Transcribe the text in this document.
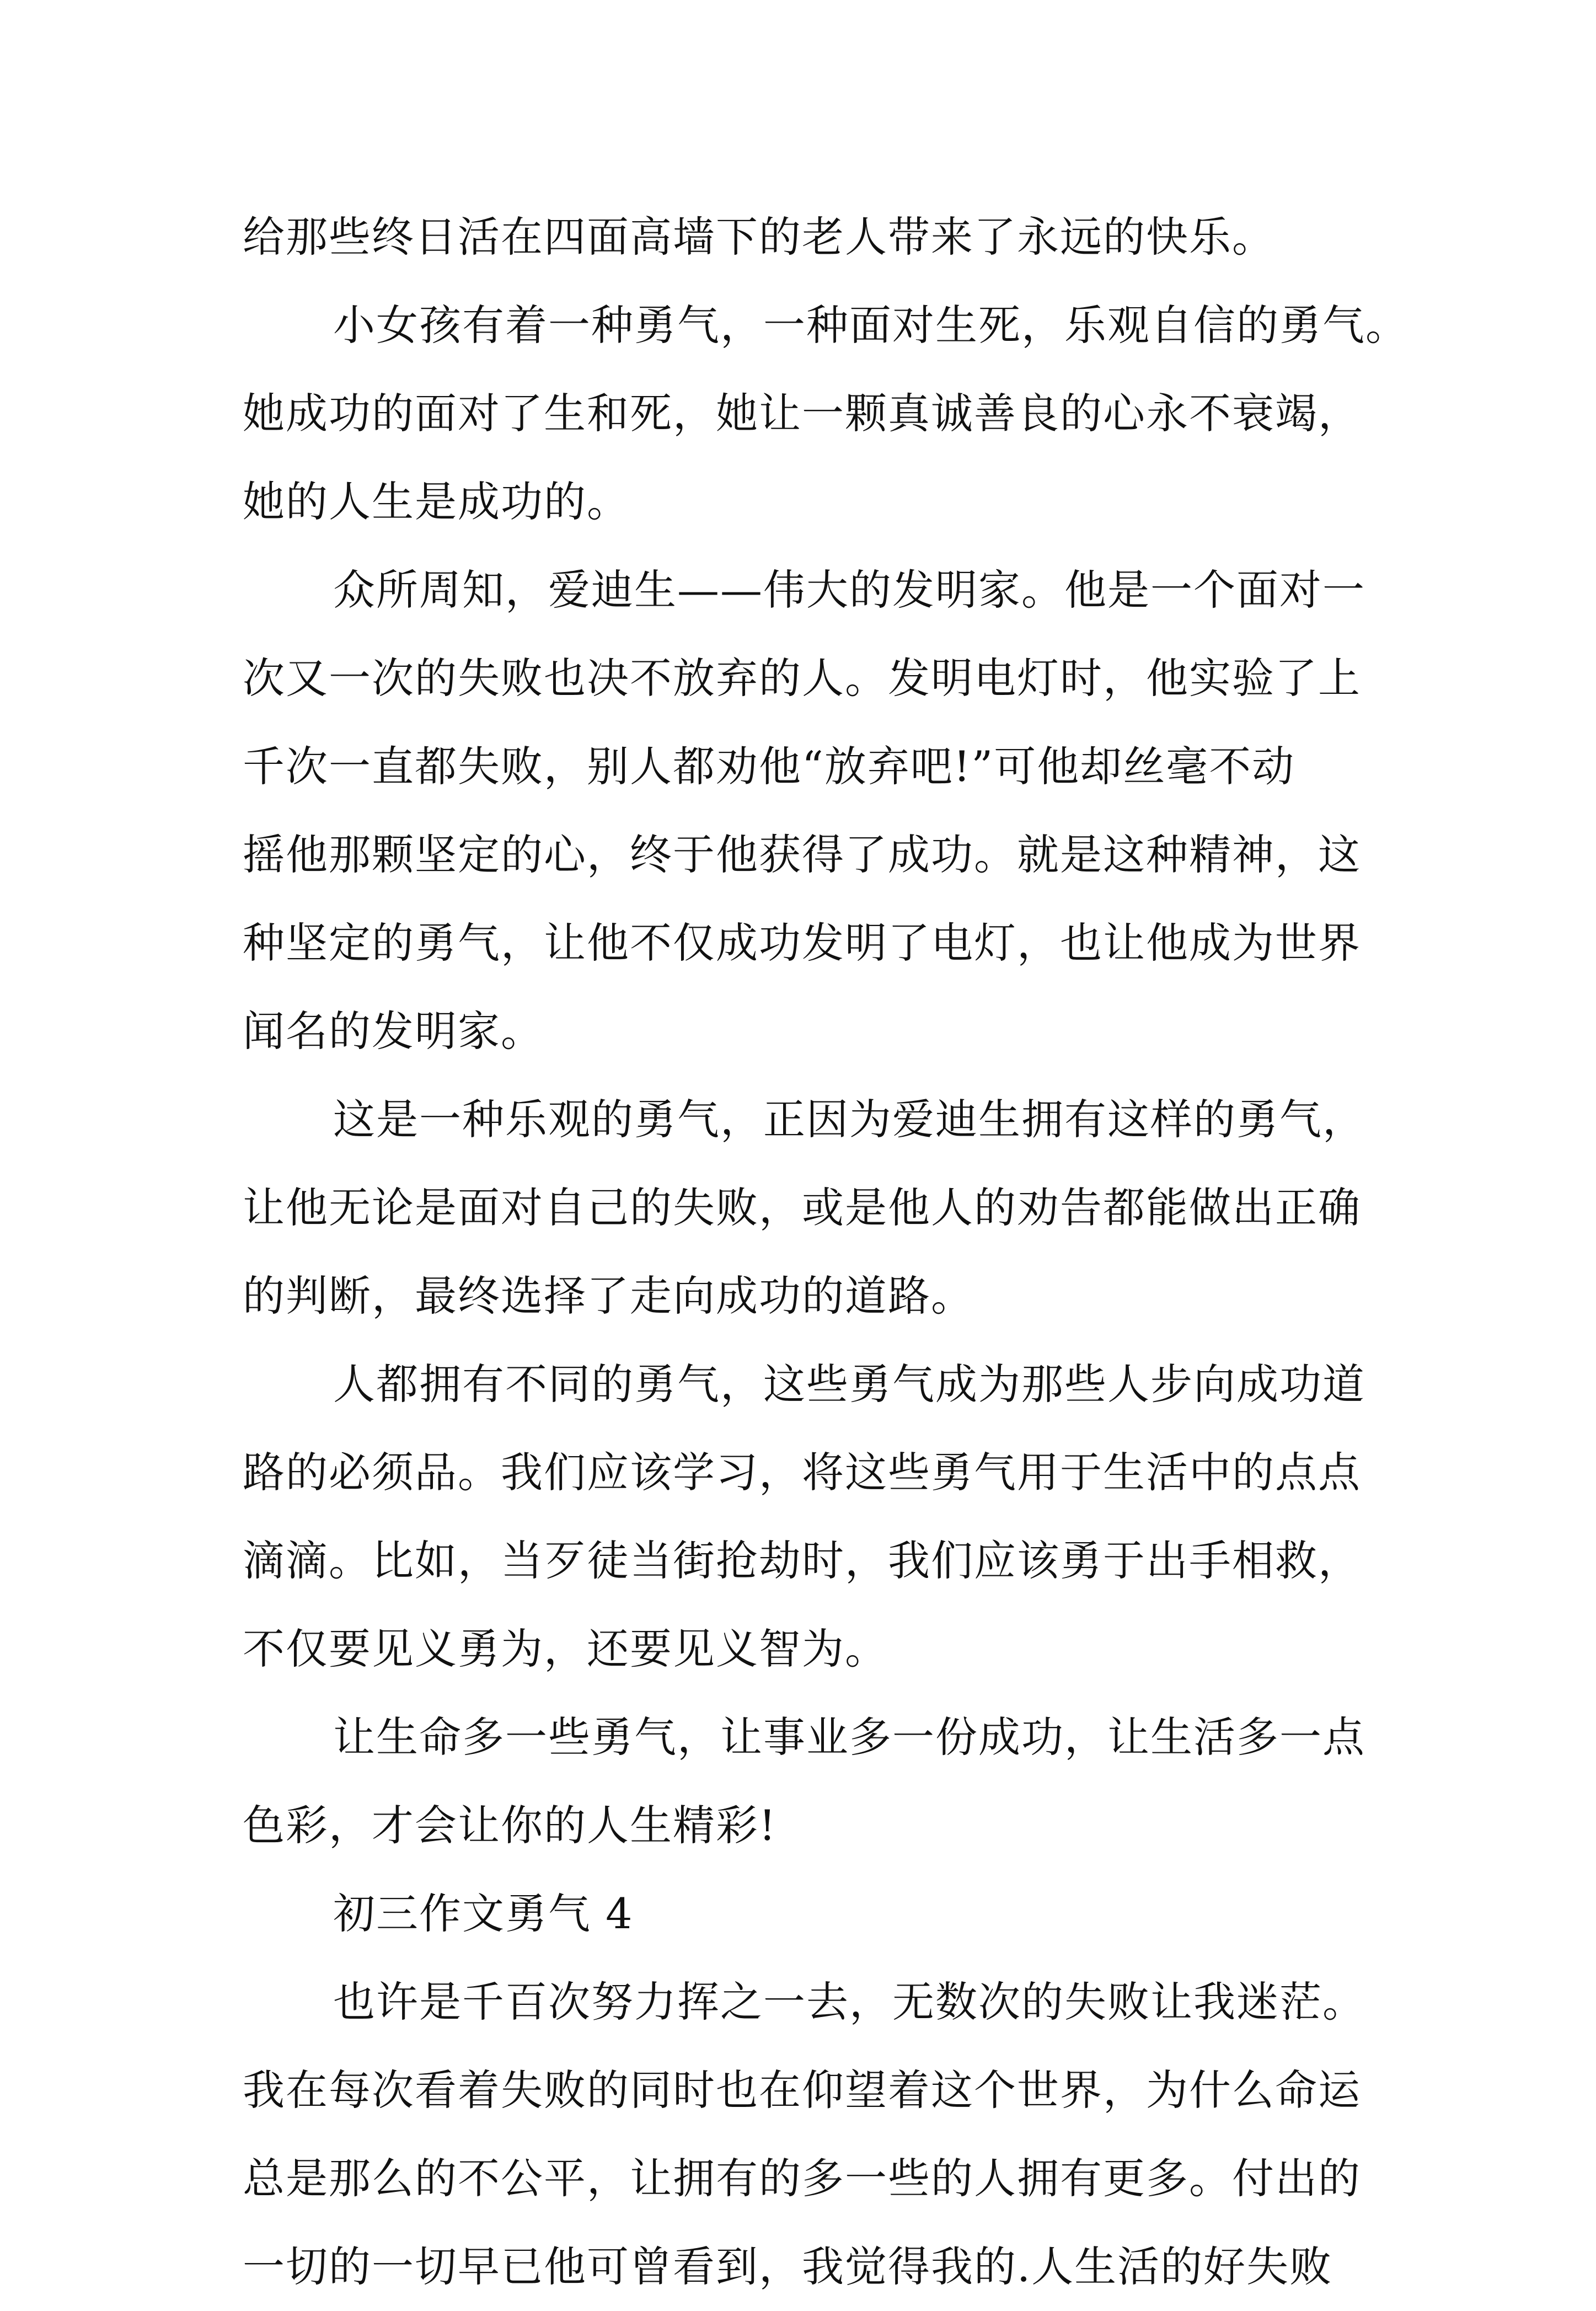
给那些终日活在四面高墙下的老人带来了永远的快乐。
小女孩有着一种勇气，一种面对生死，乐观自信的勇气。
她成功的面对了生和死，她让一颗真诚善良的心永不衰竭，
她的人生是成功的。
众所周知，爱迪生——伟大的发明家。他是一个面对一
次又一次的失败也决不放弃的人。发明电灯时，他实验了上
千次一直都失败，别人都劝他“放弃吧!”可他却丝毫不动
摇他那颗坚定的心，终于他获得了成功。就是这种精神，这
种坚定的勇气，让他不仅成功发明了电灯，也让他成为世界
闻名的发明家。
这是一种乐观的勇气，正因为爱迪生拥有这样的勇气，
让他无论是面对自己的失败，或是他人的劝告都能做出正确
的判断，最终选择了走向成功的道路。
人都拥有不同的勇气，这些勇气成为那些人步向成功道
路的必须品。我们应该学习，将这些勇气用于生活中的点点
滴滴。比如，当歹徒当街抢劫时，我们应该勇于出手相救，
不仅要见义勇为，还要见义智为。
让生命多一些勇气，让事业多一份成功，让生活多一点
色彩，才会让你的人生精彩!
初三作文勇气 4
也许是千百次努力挥之一去，无数次的失败让我迷茫。
我在每次看着失败的同时也在仰望着这个世界，为什么命运
总是那么的不公平，让拥有的多一些的人拥有更多。付出的
一切的一切早已他可曾看到，我觉得我的.人生活的好失败
